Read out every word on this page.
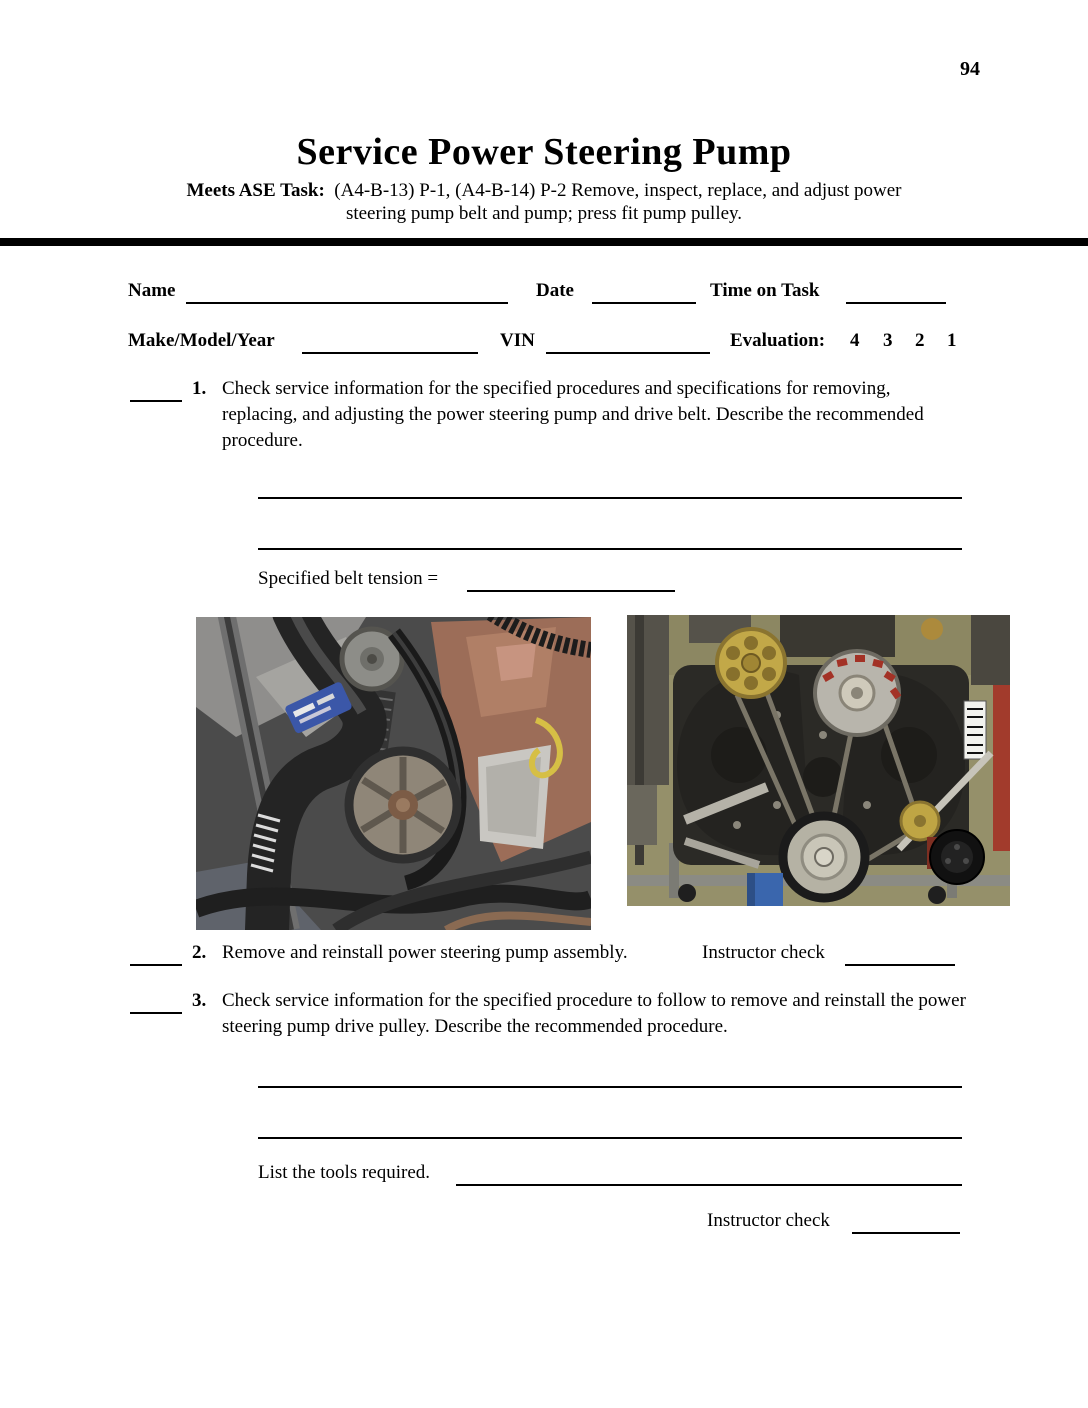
94
Service Power Steering Pump
Meets ASE Task: (A4-B-13) P-1, (A4-B-14) P-2 Remove, inspect, replace, and adjust power
steering pump belt and pump; press fit pump pulley.
Name	Date	Time on Task
Make/Model/Year	VIN	Evaluation: 4 3 2 1
1. Check service information for the specified procedures and specifications for removing, replacing, and adjusting the power steering pump and drive belt. Describe the recommended procedure.
Specified belt tension =
2. Remove and reinstall power steering pump assembly.	Instructor check
3. Check service information for the specified procedure to follow to remove and reinstall the power steering pump drive pulley. Describe the recommended procedure.
List the tools required.
Instructor check
